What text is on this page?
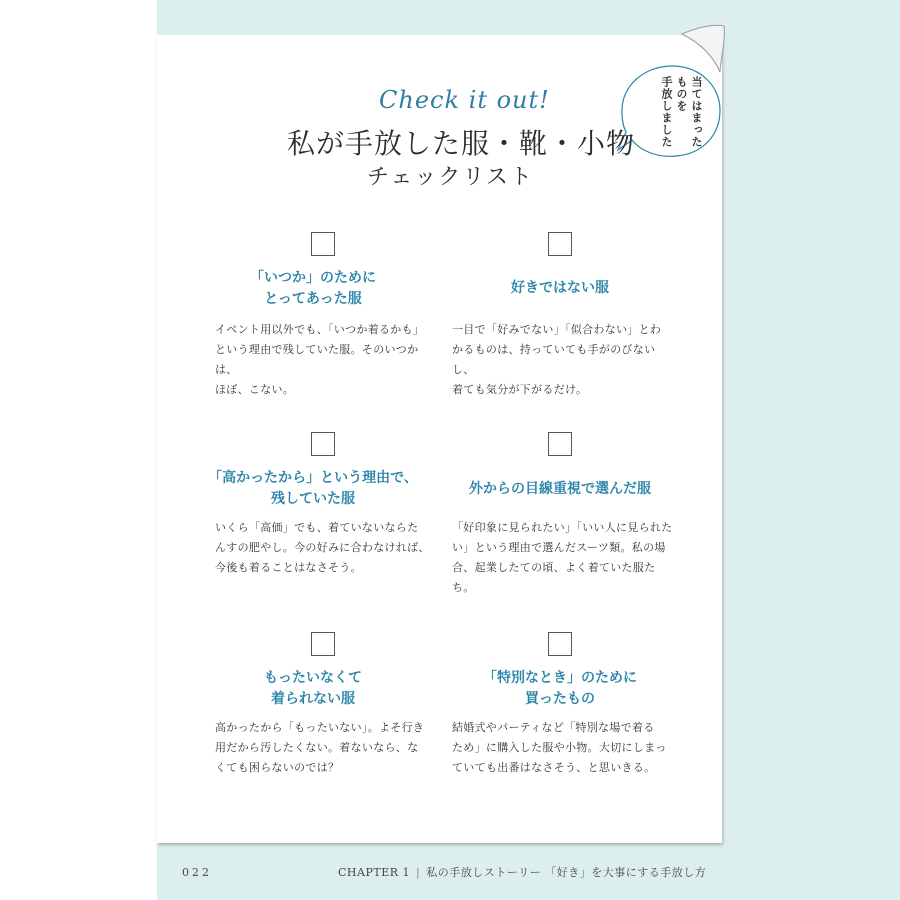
当てはまった
ものを
手放しました
Check it out!
私が手放した服・靴・小物
チェックリスト
「いつか」のために
とってあった服
イベント用以外でも、「いつか着るかも」
という理由で残していた服。そのいつかは、
ほぼ、こない。
好きではない服
一目で「好みでない」「似合わない」とわ
かるものは、持っていても手がのびないし、
着ても気分が下がるだけ。
「高かったから」という理由で、
残していた服
いくら「高価」でも、着ていないならた
んすの肥やし。今の好みに合わなければ、
今後も着ることはなさそう。
外からの目線重視で選んだ服
「好印象に見られたい」「いい人に見られた
い」という理由で選んだスーツ類。私の場
合、起業したての頃、よく着ていた服たち。
もったいなくて
着られない服
高かったから「もったいない」。よそ行き
用だから汚したくない。着ないなら、な
くても困らないのでは？
「特別なとき」のために
買ったもの
結婚式やパーティなど「特別な場で着る
ため」に購入した服や小物。大切にしまっ
ていても出番はなさそう、と思いきる。
022	CHAPTER 1 | 私の手放しストーリー 「好き」を大事にする手放し方
